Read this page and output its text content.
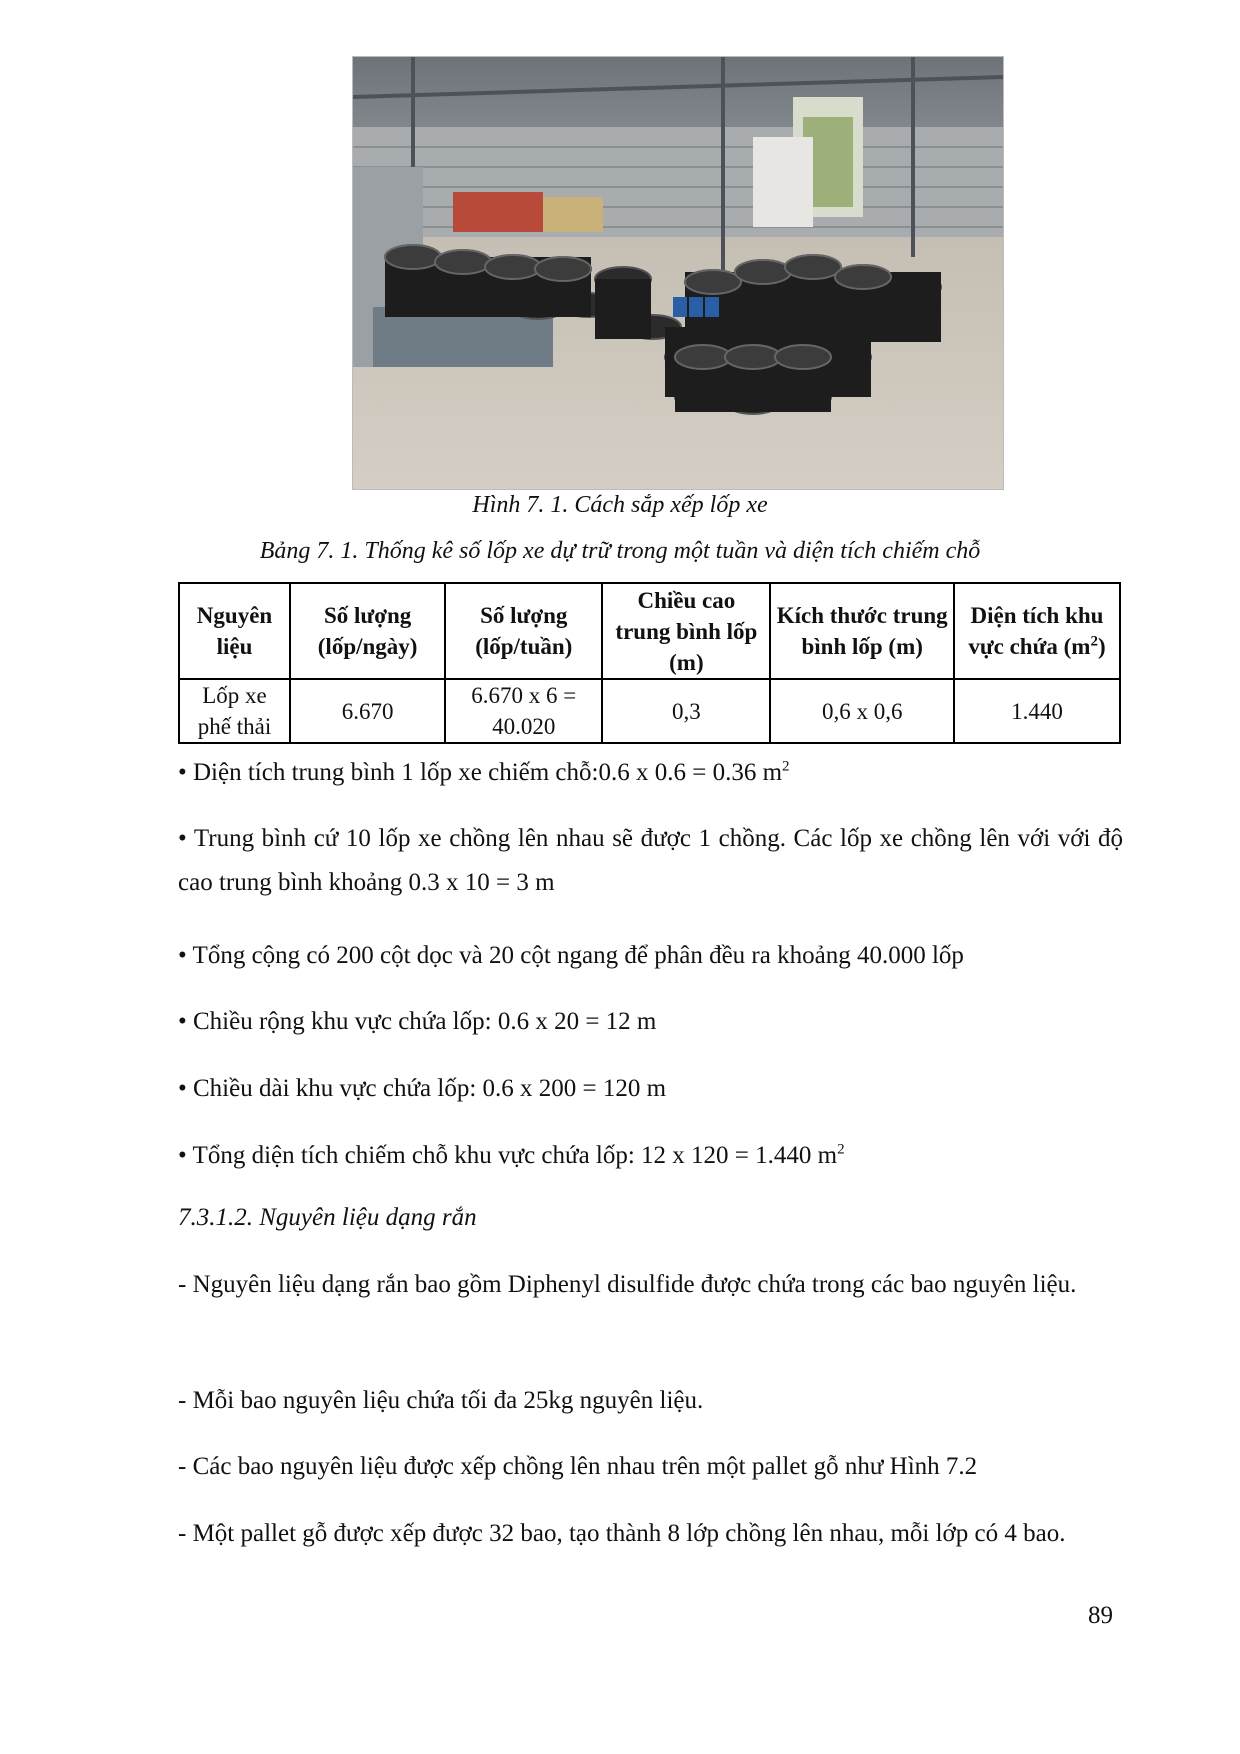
Hình 7. 1. Cách sắp xếp lốp xe
Bảng 7. 1. Thống kê số lốp xe dự trữ trong một tuần và diện tích chiếm chỗ
Nguyên liệu	Số lượng (lốp/ngày)	Số lượng (lốp/tuần)	Chiều cao trung bình lốp (m)	Kích thước trung bình lốp (m)	Diện tích khu vực chứa $(m^2)$
Lốp xe phế thải	6.670	6.670 x 6 = 40.020	0,3	0,6 x 0,6	1.440
• Diện tích trung bình 1 lốp xe chiếm chỗ:0.6 x 0.6 = 0.36 $m^2$
• Trung bình cứ 10 lốp xe chồng lên nhau sẽ được 1 chồng. Các lốp xe chồng lên với với độ cao trung bình khoảng 0.3 x 10 = 3 m
• Tổng cộng có 200 cột dọc và 20 cột ngang để phân đều ra khoảng 40.000 lốp
• Chiều rộng khu vực chứa lốp: 0.6 x 20 = 12 m
• Chiều dài khu vực chứa lốp: 0.6 x 200 = 120 m
• Tổng diện tích chiếm chỗ khu vực chứa lốp: 12 x 120 = 1.440 $m^2$
7.3.1.2. Nguyên liệu dạng rắn
- Nguyên liệu dạng rắn bao gồm Diphenyl disulfide được chứa trong các bao nguyên liệu.
- Mỗi bao nguyên liệu chứa tối đa 25kg nguyên liệu.
- Các bao nguyên liệu được xếp chồng lên nhau trên một pallet gỗ như Hình 7.2
- Một pallet gỗ được xếp được 32 bao, tạo thành 8 lớp chồng lên nhau, mỗi lớp có 4 bao.
89
